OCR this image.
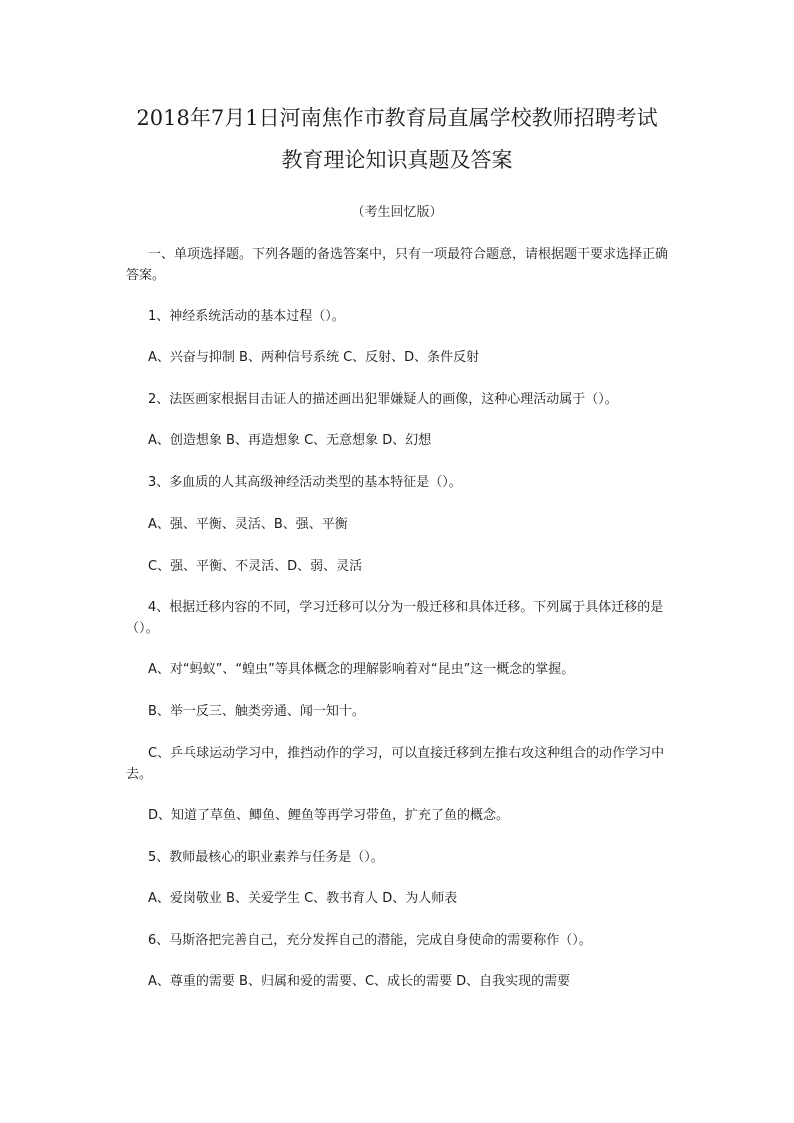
2018年7月1日河南焦作市教育局直属学校教师招聘考试
教育理论知识真题及答案
（考生回忆版）
一、单项选择题。下列各题的备选答案中，只有一项最符合题意，请根据题干要求选择正确答案。
1、神经系统活动的基本过程（）。
A、兴奋与抑制 B、两种信号系统 C、反射、D、条件反射
2、法医画家根据目击证人的描述画出犯罪嫌疑人的画像，这种心理活动属于（）。
A、创造想象 B、再造想象 C、无意想象 D、幻想
3、多血质的人其高级神经活动类型的基本特征是（）。
A、强、平衡、灵活、B、强、平衡
C、强、平衡、不灵活、D、弱、灵活
4、根据迁移内容的不同，学习迁移可以分为一般迁移和具体迁移。下列属于具体迁移的是（）。
A、对“蚂蚁”、“蝗虫”等具体概念的理解影响着对“昆虫”这一概念的掌握。
B、举一反三、触类旁通、闻一知十。
C、乒乓球运动学习中，推挡动作的学习，可以直接迁移到左推右攻这种组合的动作学习中去。
D、知道了草鱼、鲫鱼、鲤鱼等再学习带鱼，扩充了鱼的概念。
5、教师最核心的职业素养与任务是（）。
A、爱岗敬业 B、关爱学生 C、教书育人 D、为人师表
6、马斯洛把完善自己，充分发挥自己的潜能，完成自身使命的需要称作（）。
A、尊重的需要 B、归属和爱的需要、C、成长的需要 D、自我实现的需要
